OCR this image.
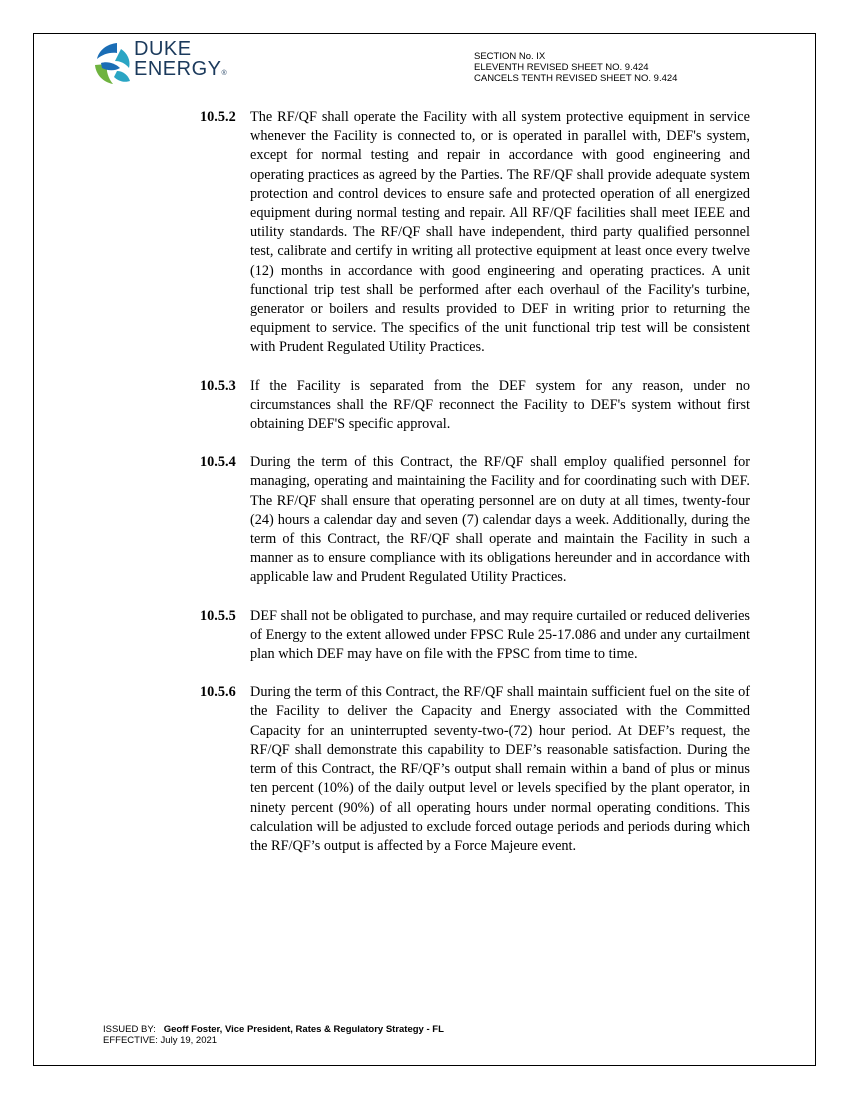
DUKE
ENERGY®
SECTION No. IX
ELEVENTH REVISED SHEET NO. 9.424
CANCELS TENTH REVISED SHEET NO. 9.424
10.5.2 The RF/QF shall operate the Facility with all system protective equipment in service whenever the Facility is connected to, or is operated in parallel with, DEF's system, except for normal testing and repair in accordance with good engineering and operating practices as agreed by the Parties. The RF/QF shall provide adequate system protection and control devices to ensure safe and protected operation of all energized equipment during normal testing and repair. All RF/QF facilities shall meet IEEE and utility standards. The RF/QF shall have independent, third party qualified personnel test, calibrate and certify in writing all protective equipment at least once every twelve (12) months in accordance with good engineering and operating practices. A unit functional trip test shall be performed after each overhaul of the Facility's turbine, generator or boilers and results provided to DEF in writing prior to returning the equipment to service. The specifics of the unit functional trip test will be consistent with Prudent Regulated Utility Practices.
10.5.3 If the Facility is separated from the DEF system for any reason, under no circumstances shall the RF/QF reconnect the Facility to DEF's system without first obtaining DEF'S specific approval.
10.5.4 During the term of this Contract, the RF/QF shall employ qualified personnel for managing, operating and maintaining the Facility and for coordinating such with DEF. The RF/QF shall ensure that operating personnel are on duty at all times, twenty-four (24) hours a calendar day and seven (7) calendar days a week. Additionally, during the term of this Contract, the RF/QF shall operate and maintain the Facility in such a manner as to ensure compliance with its obligations hereunder and in accordance with applicable law and Prudent Regulated Utility Practices.
10.5.5 DEF shall not be obligated to purchase, and may require curtailed or reduced deliveries of Energy to the extent allowed under FPSC Rule 25-17.086 and under any curtailment plan which DEF may have on file with the FPSC from time to time.
10.5.6 During the term of this Contract, the RF/QF shall maintain sufficient fuel on the site of the Facility to deliver the Capacity and Energy associated with the Committed Capacity for an uninterrupted seventy-two-(72) hour period. At DEF’s request, the RF/QF shall demonstrate this capability to DEF’s reasonable satisfaction. During the term of this Contract, the RF/QF’s output shall remain within a band of plus or minus ten percent (10%) of the daily output level or levels specified by the plant operator, in ninety percent (90%) of all operating hours under normal operating conditions. This calculation will be adjusted to exclude forced outage periods and periods during which the RF/QF’s output is affected by a Force Majeure event.
ISSUED BY: Geoff Foster, Vice President, Rates & Regulatory Strategy - FL
EFFECTIVE: July 19, 2021
